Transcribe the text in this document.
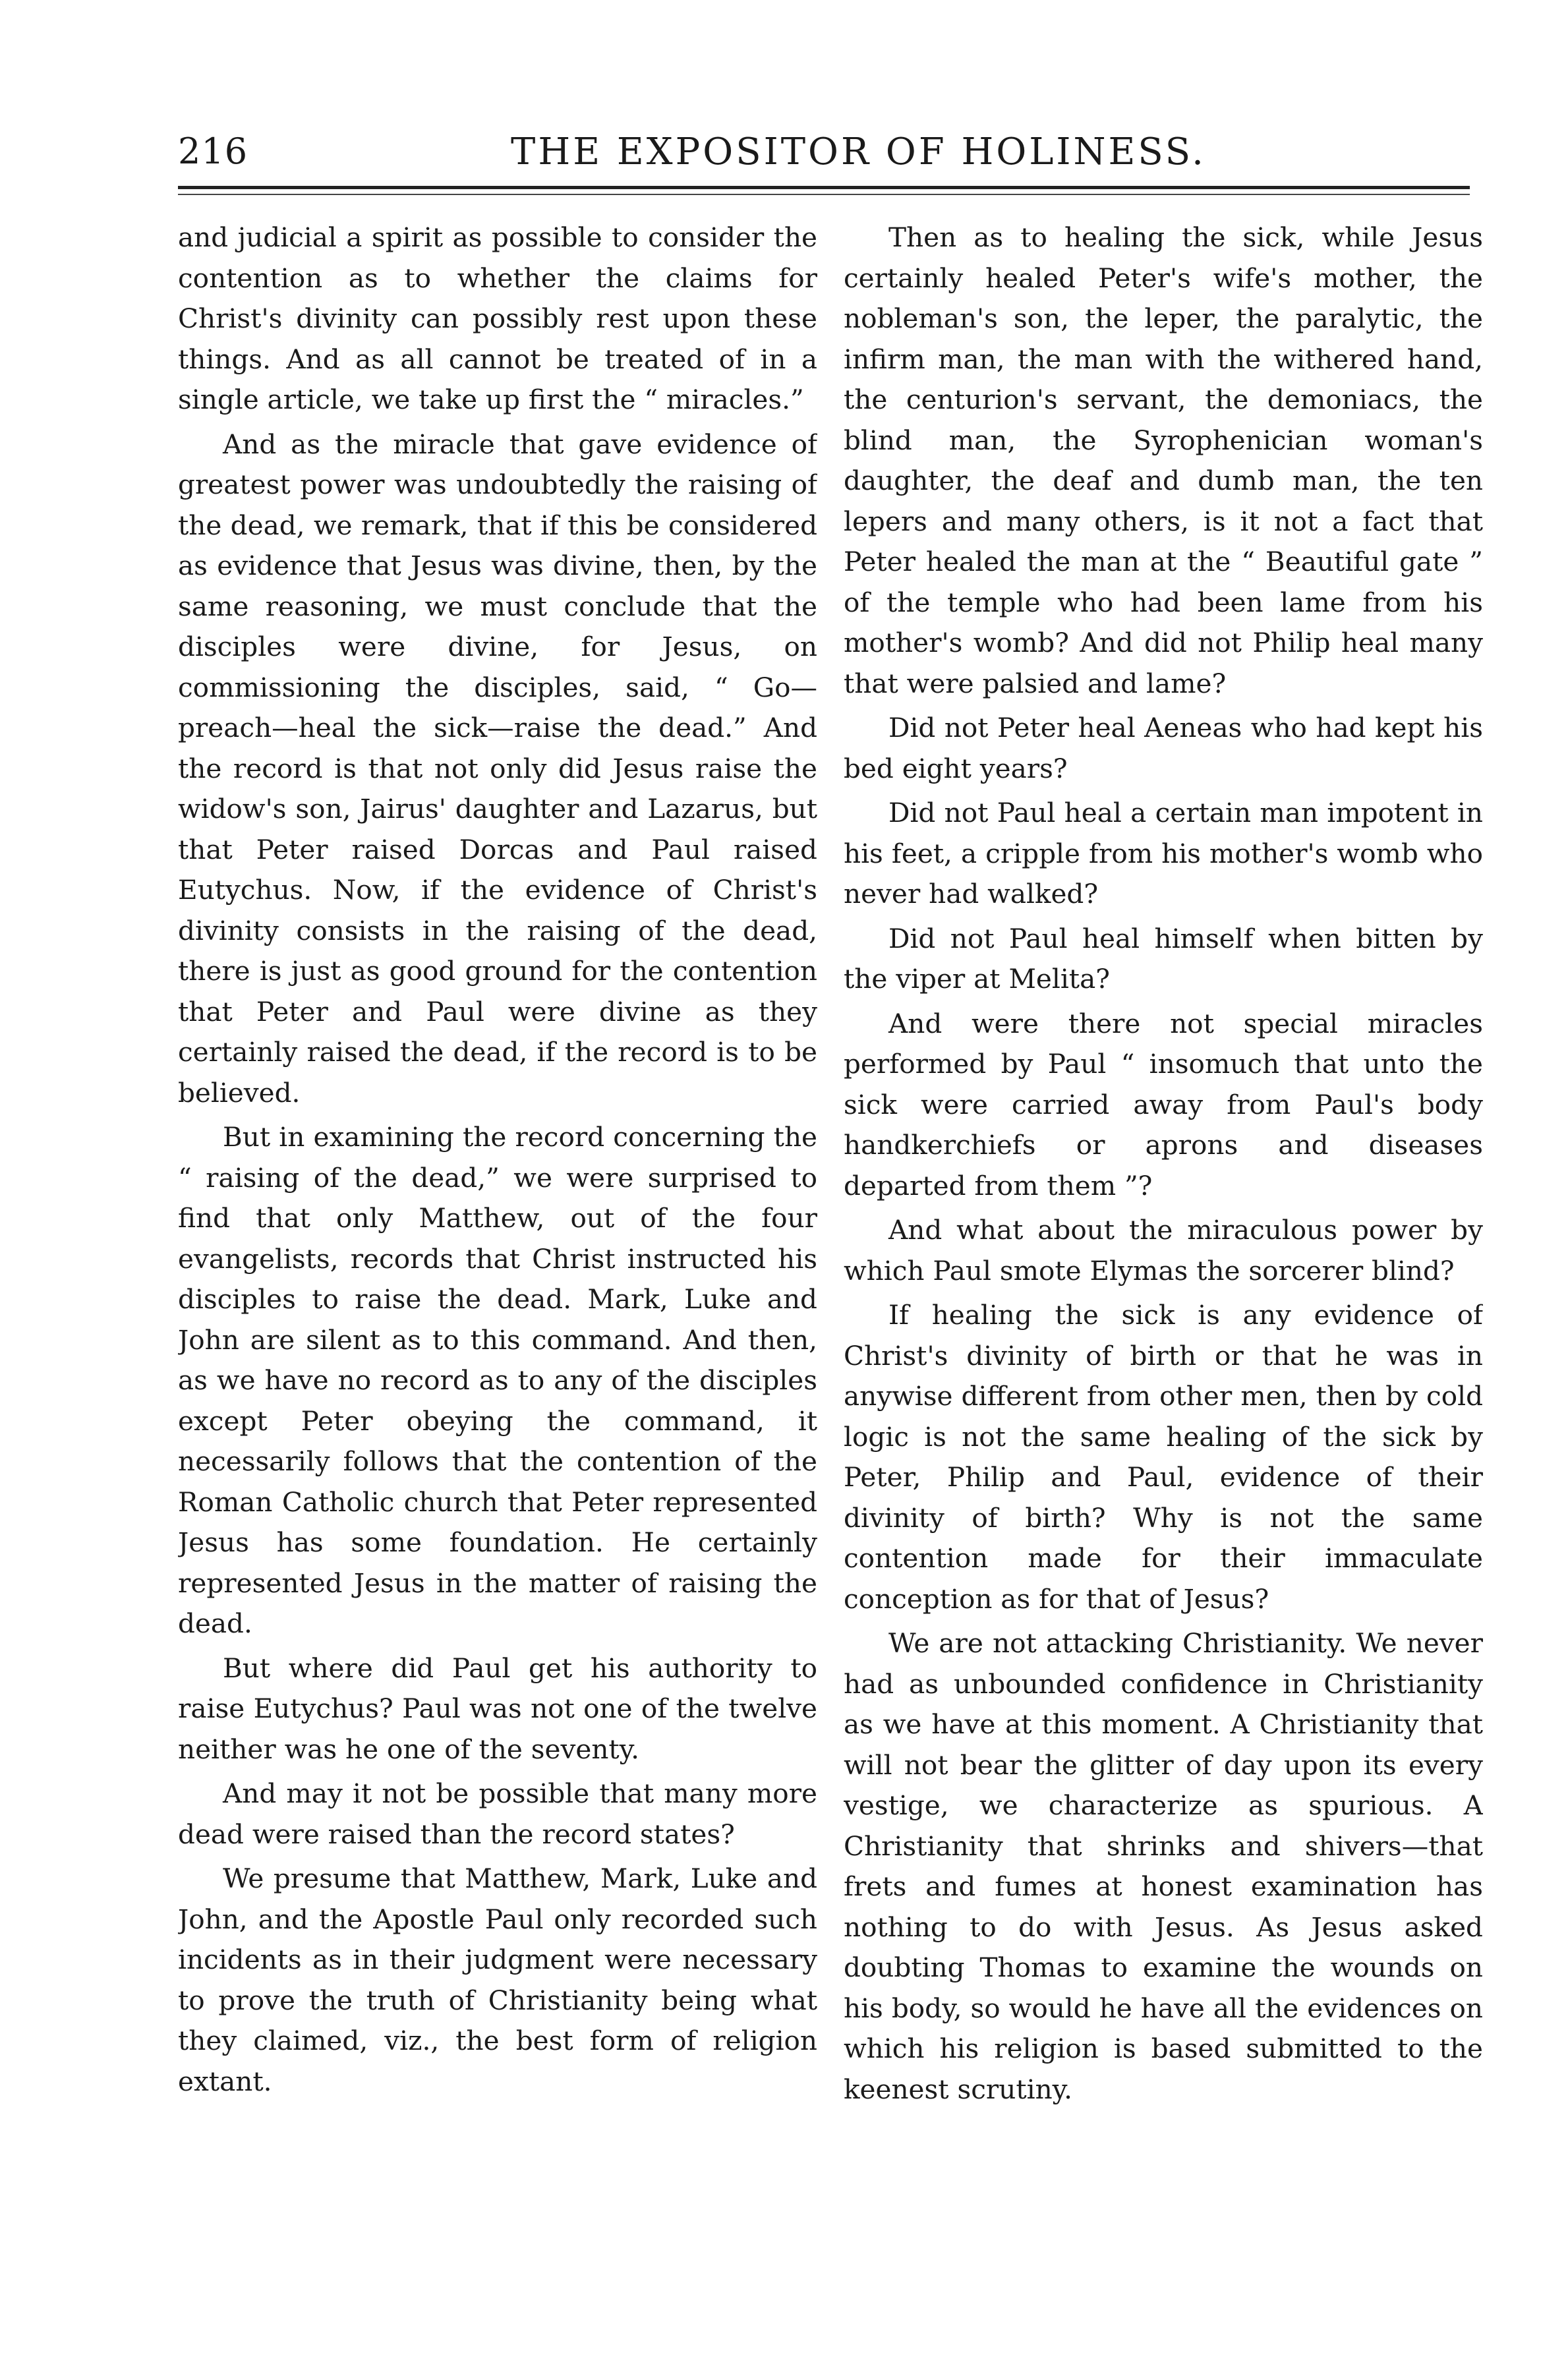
216	THE EXPOSITOR OF HOLINESS.

and judicial a spirit as possible to consider the contention as to whether the claims for Christ's divinity can possibly rest upon these things. And as all cannot be treated of in a single article, we take up first the “ miracles.”

And as the miracle that gave evidence of greatest power was undoubtedly the raising of the dead, we remark, that if this be considered as evidence that Jesus was divine, then, by the same reasoning, we must conclude that the disciples were divine, for Jesus, on commissioning the disciples, said, “ Go—preach—heal the sick—raise the dead.” And the record is that not only did Jesus raise the widow's son, Jairus' daughter and Lazarus, but that Peter raised Dorcas and Paul raised Eutychus. Now, if the evidence of Christ's divinity consists in the raising of the dead, there is just as good ground for the contention that Peter and Paul were divine as they certainly raised the dead, if the record is to be believed.

But in examining the record concerning the “ raising of the dead,” we were surprised to find that only Matthew, out of the four evangelists, records that Christ instructed his disciples to raise the dead. Mark, Luke and John are silent as to this command. And then, as we have no record as to any of the disciples except Peter obeying the command, it necessarily follows that the contention of the Roman Catholic church that Peter represented Jesus has some foundation. He certainly represented Jesus in the matter of raising the dead.

But where did Paul get his authority to raise Eutychus? Paul was not one of the twelve neither was he one of the seventy.

And may it not be possible that many more dead were raised than the record states?

We presume that Matthew, Mark, Luke and John, and the Apostle Paul only recorded such incidents as in their judgment were necessary to prove the truth of Christianity being what they claimed, viz., the best form of religion extant.

Then as to healing the sick, while Jesus certainly healed Peter's wife's mother, the nobleman's son, the leper, the paralytic, the infirm man, the man with the withered hand, the centurion's servant, the demoniacs, the blind man, the Syrophenician woman's daughter, the deaf and dumb man, the ten lepers and many others, is it not a fact that Peter healed the man at the “ Beautiful gate ” of the temple who had been lame from his mother's womb? And did not Philip heal many that were palsied and lame?

Did not Peter heal Aeneas who had kept his bed eight years?

Did not Paul heal a certain man impotent in his feet, a cripple from his mother's womb who never had walked?

Did not Paul heal himself when bitten by the viper at Melita?

And were there not special miracles performed by Paul “ insomuch that unto the sick were carried away from Paul's body handkerchiefs or aprons and diseases departed from them ”?

And what about the miraculous power by which Paul smote Elymas the sorcerer blind?

If healing the sick is any evidence of Christ's divinity of birth or that he was in anywise different from other men, then by cold logic is not the same healing of the sick by Peter, Philip and Paul, evidence of their divinity of birth? Why is not the same contention made for their immaculate conception as for that of Jesus?

We are not attacking Christianity. We never had as unbounded confidence in Christianity as we have at this moment. A Christianity that will not bear the glitter of day upon its every vestige, we characterize as spurious. A Christianity that shrinks and shivers—that frets and fumes at honest examination has nothing to do with Jesus. As Jesus asked doubting Thomas to examine the wounds on his body, so would he have all the evidences on which his religion is based submitted to the keenest scrutiny.
